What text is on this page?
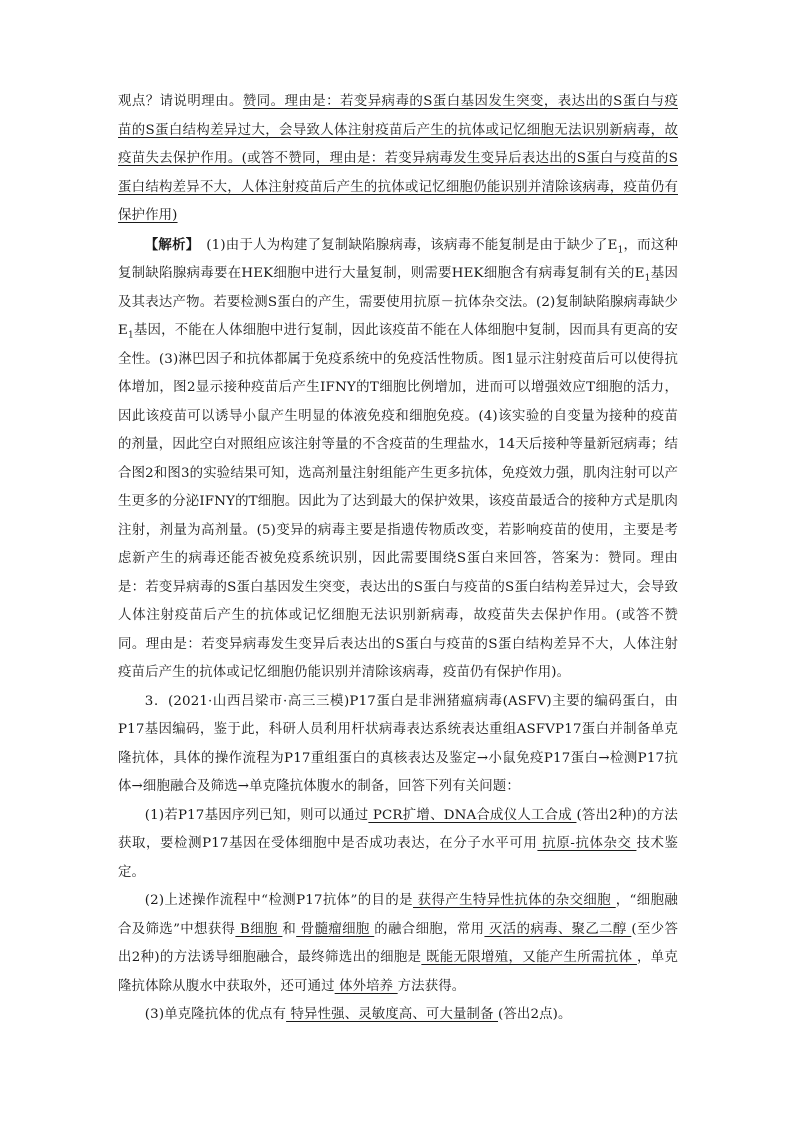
观点？请说明理由。赞同。理由是：若变异病毒的S蛋白基因发生突变，表达出的S蛋白与疫苗的S蛋白结构差异过大，会导致人体注射疫苗后产生的抗体或记忆细胞无法识别新病毒，故疫苗失去保护作用。(或答不赞同，理由是：若变异病毒发生变异后表达出的S蛋白与疫苗的S蛋白结构差异不大，人体注射疫苗后产生的抗体或记忆细胞仍能识别并清除该病毒，疫苗仍有保护作用)

【解析】　 (1)由于人为构建了复制缺陷腺病毒，该病毒不能复制是由于缺少了$E_1$，而这种复制缺陷腺病毒要在HEK细胞中进行大量复制，则需要HEK细胞含有病毒复制有关的$E_1$基因及其表达产物。若要检测S蛋白的产生，需要使用抗原－抗体杂交法。(2)复制缺陷腺病毒缺少$E_1$基因，不能在人体细胞中进行复制，因此该疫苗不能在人体细胞中复制，因而具有更高的安全性。(3)淋巴因子和抗体都属于免疫系统中的免疫活性物质。图1显示注射疫苗后可以使得抗体增加，图2显示接种疫苗后产生IFNY的T细胞比例增加，进而可以增强效应T细胞的活力，因此该疫苗可以诱导小鼠产生明显的体液免疫和细胞免疫。(4)该实验的自变量为接种的疫苗的剂量，因此空白对照组应该注射等量的不含疫苗的生理盐水，14天后接种等量新冠病毒；结合图2和图3的实验结果可知，选高剂量注射组能产生更多抗体，免疫效力强，肌肉注射可以产生更多的分泌IFNY的T细胞。因此为了达到最大的保护效果，该疫苗最适合的接种方式是肌肉注射，剂量为高剂量。(5)变异的病毒主要是指遗传物质改变，若影响疫苗的使用，主要是考虑新产生的病毒还能否被免疫系统识别，因此需要围绕S蛋白来回答，答案为：赞同。理由是：若变异病毒的S蛋白基因发生突变，表达出的S蛋白与疫苗的S蛋白结构差异过大，会导致人体注射疫苗后产生的抗体或记忆细胞无法识别新病毒，故疫苗失去保护作用。(或答不赞同。理由是：若变异病毒发生变异后表达出的S蛋白与疫苗的S蛋白结构差异不大，人体注射疫苗后产生的抗体或记忆细胞仍能识别并清除该病毒，疫苗仍有保护作用)。

3．(2021·山西吕梁市·高三三模)P17蛋白是非洲猪瘟病毒(ASFV)主要的编码蛋白，由P17基因编码，鉴于此，科研人员利用杆状病毒表达系统表达重组ASFVP17蛋白并制备单克隆抗体，具体的操作流程为P17重组蛋白的真核表达及鉴定→小鼠免疫P17蛋白→检测P17抗体→细胞融合及筛选→单克隆抗体腹水的制备，回答下列有关问题：

(1)若P17基因序列已知，则可以通过 PCR扩增、DNA合成仪人工合成 (答出2种)的方法获取，要检测P17基因在受体细胞中是否成功表达，在分子水平可用 抗原-抗体杂交 技术鉴定。

(2)上述操作流程中“检测P17抗体”的目的是 获得产生特异性抗体的杂交细胞 ，“细胞融合及筛选”中想获得 B细胞 和 骨髓瘤细胞 的融合细胞，常用 灭活的病毒、聚乙二醇 (至少答出2种)的方法诱导细胞融合，最终筛选出的细胞是 既能无限增殖，又能产生所需抗体 ，单克隆抗体除从腹水中获取外，还可通过 体外培养 方法获得。

(3)单克隆抗体的优点有 特异性强、灵敏度高、可大量制备 (答出2点)。
